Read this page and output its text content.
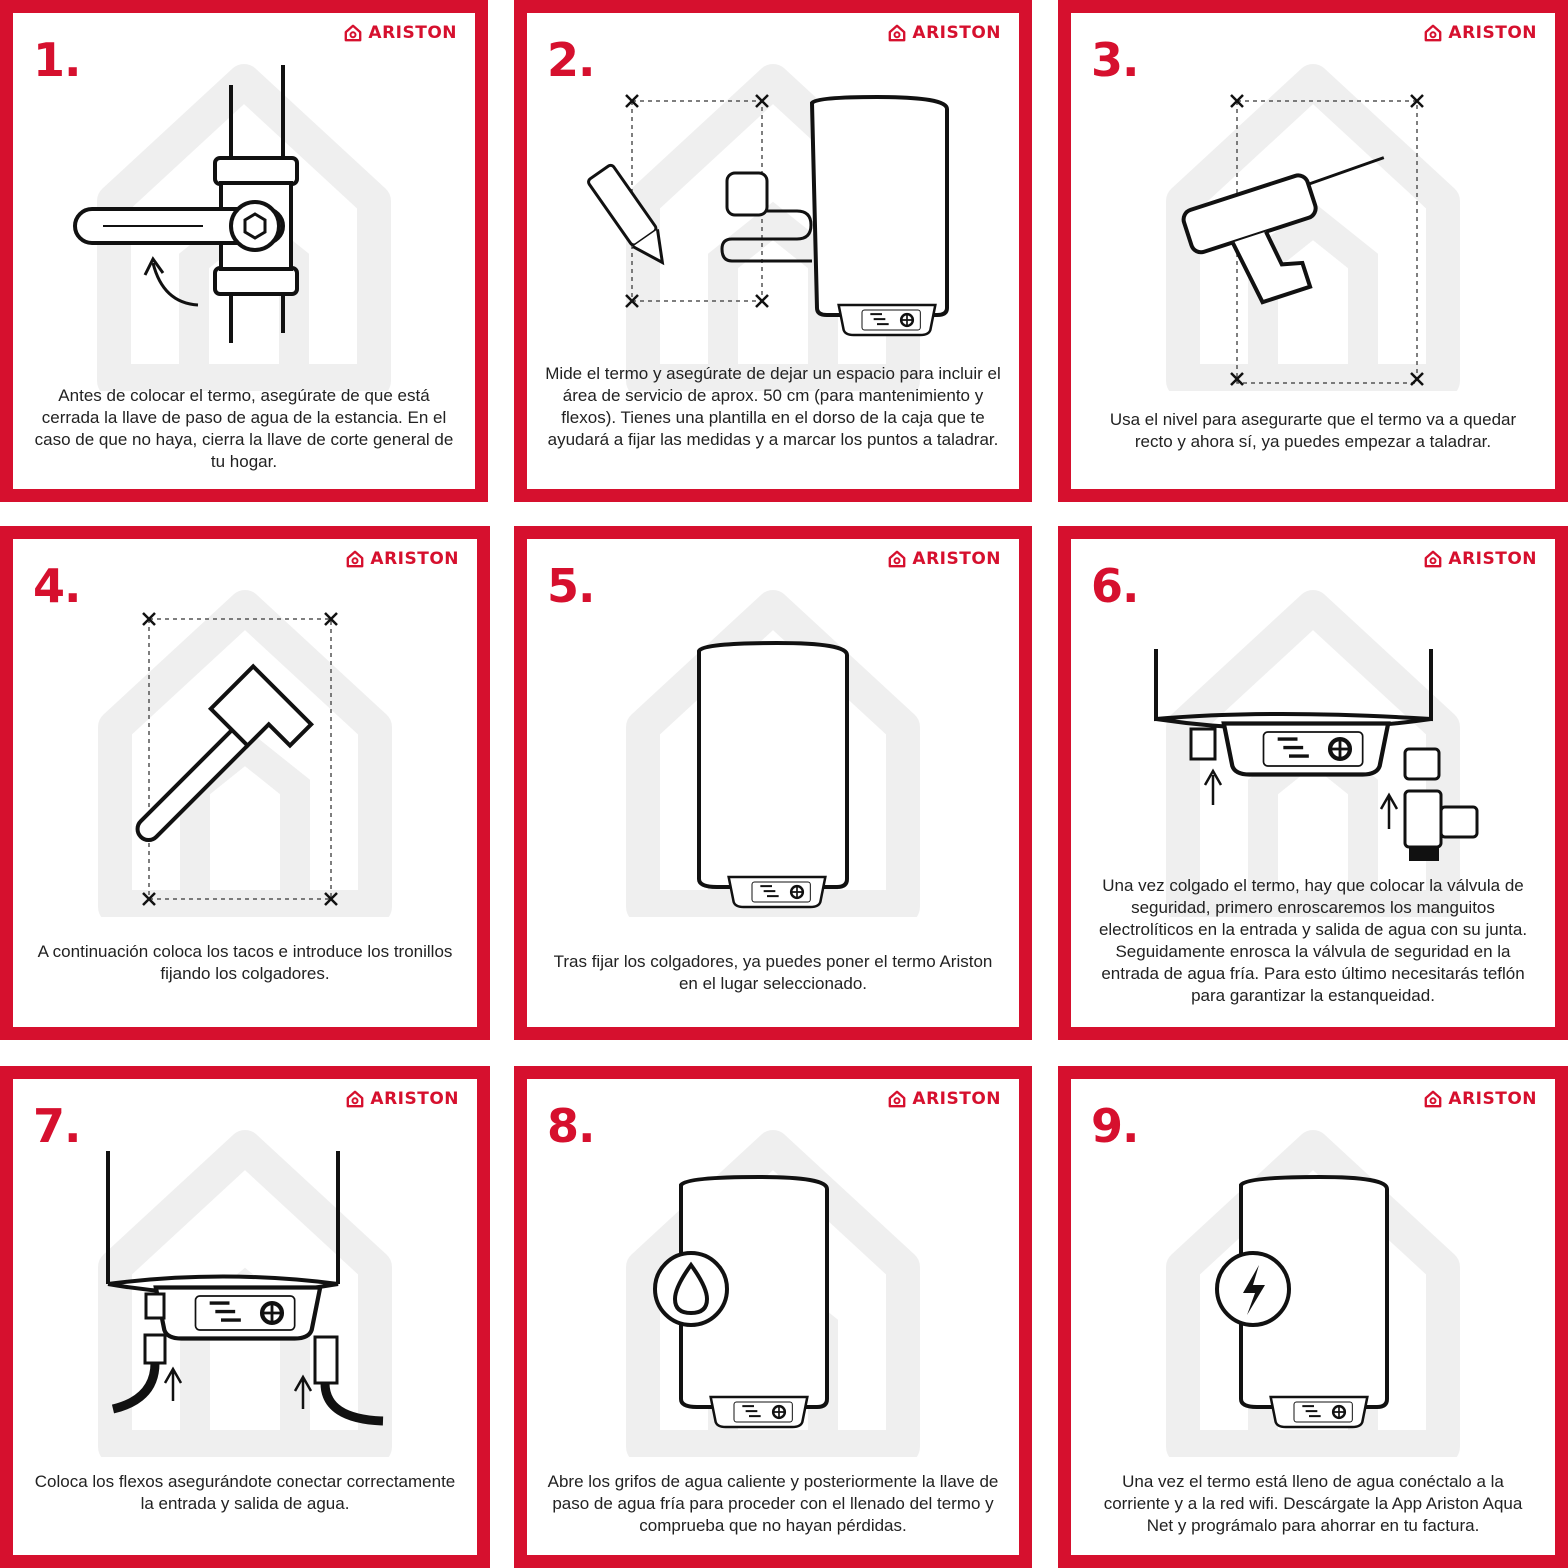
1.	ARISTON
Antes de colocar el termo, asegúrate de que está cerrada la llave de paso de agua de la estancia. En el caso de que no haya, cierra la llave de corte general de tu hogar.
2.	ARISTON
Mide el termo y asegúrate de dejar un espacio para incluir el área de servicio de aprox. 50 cm (para mantenimiento y flexos). Tienes una plantilla en el dorso de la caja que te ayudará a fijar las medidas y a marcar los puntos a taladrar.
3.	ARISTON
Usa el nivel para asegurarte que el termo va a quedar recto y ahora sí, ya puedes empezar a taladrar.
4.	ARISTON
A continuación coloca los tacos e introduce los tronillos fijando los colgadores.
5.	ARISTON
Tras fijar los colgadores, ya puedes poner el termo Ariston en el lugar seleccionado.
6.	ARISTON
Una vez colgado el termo, hay que colocar la válvula de seguridad, primero enroscaremos los manguitos electrolíticos en la entrada y salida de agua con su junta. Seguidamente enrosca la válvula de seguridad en la entrada de agua fría. Para esto último necesitarás teflón para garantizar la estanqueidad.
7.	ARISTON
Coloca los flexos asegurándote conectar correctamente la entrada y salida de agua.
8.	ARISTON
Abre los grifos de agua caliente y posteriormente la llave de paso de agua fría para proceder con el llenado del termo y comprueba que no hayan pérdidas.
9.	ARISTON
Una vez el termo está lleno de agua conéctalo a la corriente y a la red wifi. Descárgate la App Ariston Aqua Net y prográmalo para ahorrar en tu factura.
